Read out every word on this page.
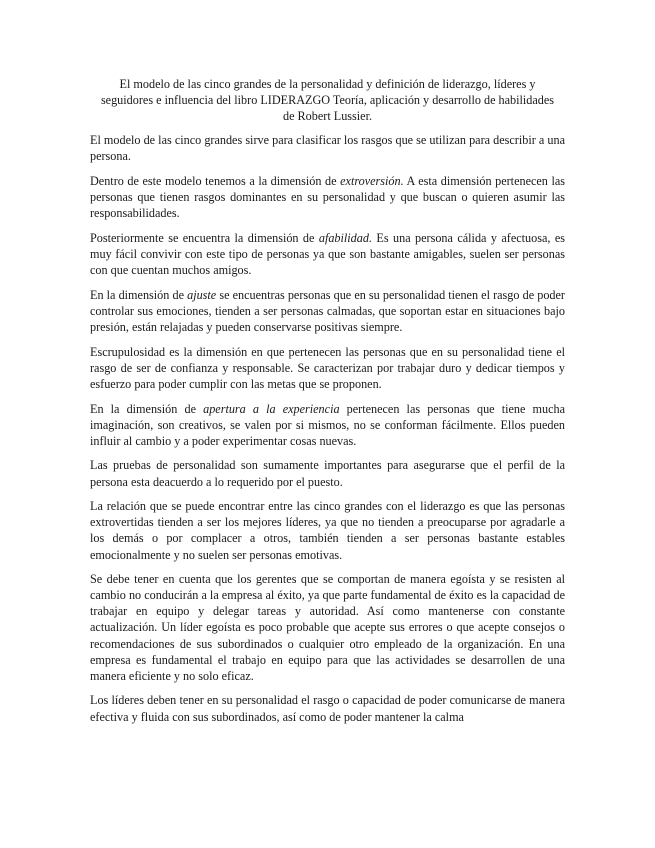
El modelo de las cinco grandes de la personalidad y definición de liderazgo, líderes y seguidores e influencia del libro LIDERAZGO Teoría, aplicación y desarrollo de habilidades de Robert Lussier.

El modelo de las cinco grandes sirve para clasificar los rasgos que se utilizan para describir a una persona.

Dentro de este modelo tenemos a la dimensión de extroversión. A esta dimensión pertenecen las personas que tienen rasgos dominantes en su personalidad y que buscan o quieren asumir las responsabilidades.

Posteriormente se encuentra la dimensión de afabilidad. Es una persona cálida y afectuosa, es muy fácil convivir con este tipo de personas ya que son bastante amigables, suelen ser personas con que cuentan muchos amigos.

En la dimensión de ajuste se encuentras personas que en su personalidad tienen el rasgo de poder controlar sus emociones, tienden a ser personas calmadas, que soportan estar en situaciones bajo presión, están relajadas y pueden conservarse positivas siempre.

Escrupulosidad es la dimensión en que pertenecen las personas que en su personalidad tiene el rasgo de ser de confianza y responsable. Se caracterizan por trabajar duro y dedicar tiempos y esfuerzo para poder cumplir con las metas que se proponen.

En la dimensión de apertura a la experiencia pertenecen las personas que tiene mucha imaginación, son creativos, se valen por si mismos, no se conforman fácilmente. Ellos pueden influir al cambio y a poder experimentar cosas nuevas.

Las pruebas de personalidad son sumamente importantes para asegurarse que el perfil de la persona esta deacuerdo a lo requerido por el puesto.

La relación que se puede encontrar entre las cinco grandes con el liderazgo es que las personas extrovertidas tienden a ser los mejores líderes, ya que no tienden a preocuparse por agradarle a los demás o por complacer a otros, también tienden a ser personas bastante estables emocionalmente y no suelen ser personas emotivas.

Se debe tener en cuenta que los gerentes que se comportan de manera egoísta y se resisten al cambio no conducirán a la empresa al éxito, ya que parte fundamental de éxito es la capacidad de trabajar en equipo y delegar tareas y autoridad. Así como mantenerse con constante actualización. Un líder egoísta es poco probable que acepte sus errores o que acepte consejos o recomendaciones de sus subordinados o cualquier otro empleado de la organización. En una empresa es fundamental el trabajo en equipo para que las actividades se desarrollen de una manera eficiente y no solo eficaz.

Los líderes deben tener en su personalidad el rasgo o capacidad de poder comunicarse de manera efectiva y fluida con sus subordinados, así como de poder mantener la calma
